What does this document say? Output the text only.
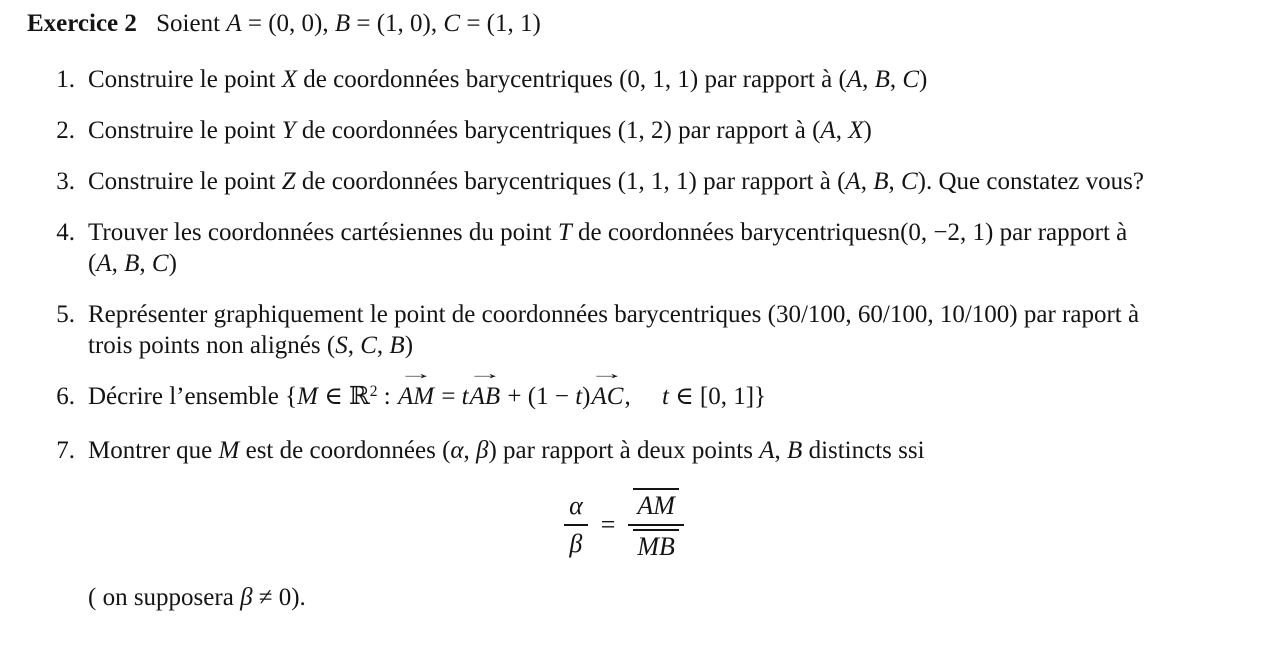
Exercice 2 Soient A = (0, 0), B = (1, 0), C = (1, 1)

1. Construire le point X de coordonnées barycentriques (0, 1, 1) par rapport à (A, B, C)
2. Construire le point Y de coordonnées barycentriques (1, 2) par rapport à (A, X)
3. Construire le point Z de coordonnées barycentriques (1, 1, 1) par rapport à (A, B, C). Que constatez vous?
4. Trouver les coordonnées cartésiennes du point T de coordonnées barycentriquesn(0, −2, 1) par rapport à
(A, B, C)
5. Représenter graphiquement le point de coordonnées barycentriques (30/100, 60/100, 10/100) par raport à
trois points non alignés (S, C, B)
6. Décrire l’ensemble {M ∈ ℝ$^2$ :
→
AM = t
→
AB + (1 − t)
→
AC, t ∈ [0, 1]}
7. Montrer que M est de coordonnées (α, β) par rapport à deux points A, B distincts ssi
$\frac{\alpha}{\beta} = \frac{AM}{MB}$

( on supposera β ≠ 0).
